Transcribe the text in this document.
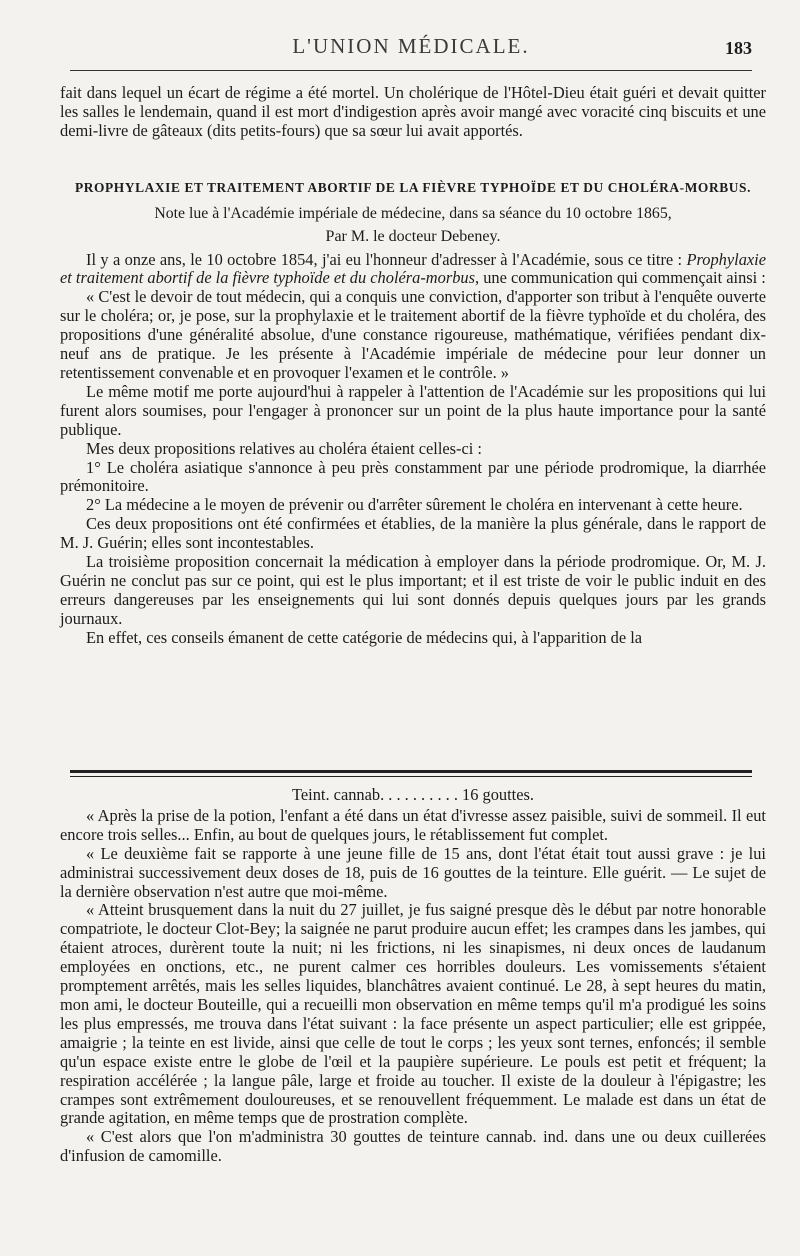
L'UNION MÉDICALE.	183

fait dans lequel un écart de régime a été mortel. Un cholérique de l'Hôtel-Dieu était guéri et devait quitter les salles le lendemain, quand il est mort d'indigestion après avoir mangé avec voracité cinq biscuits et une demi-livre de gâteaux (dits petits-fours) que sa sœur lui avait apportés.

PROPHYLAXIE ET TRAITEMENT ABORTIF DE LA FIÈVRE TYPHOÏDE ET DU CHOLÉRA-MORBUS.
Note lue à l'Académie impériale de médecine, dans sa séance du 10 octobre 1865,
Par M. le docteur Debeney.

Il y a onze ans, le 10 octobre 1854, j'ai eu l'honneur d'adresser à l'Académie, sous ce titre : Prophylaxie et traitement abortif de la fièvre typhoïde et du choléra-morbus, une communication qui commençait ainsi :

« C'est le devoir de tout médecin, qui a conquis une conviction, d'apporter son tribut à l'enquête ouverte sur le choléra; or, je pose, sur la prophylaxie et le traitement abortif de la fièvre typhoïde et du choléra, des propositions d'une généralité absolue, d'une constance rigoureuse, mathématique, vérifiées pendant dix-neuf ans de pratique. Je les présente à l'Académie impériale de médecine pour leur donner un retentissement convenable et en provoquer l'examen et le contrôle. »

Le même motif me porte aujourd'hui à rappeler à l'attention de l'Académie sur les propositions qui lui furent alors soumises, pour l'engager à prononcer sur un point de la plus haute importance pour la santé publique.

Mes deux propositions relatives au choléra étaient celles-ci :

1° Le choléra asiatique s'annonce à peu près constamment par une période prodromique, la diarrhée prémonitoire.

2° La médecine a le moyen de prévenir ou d'arrêter sûrement le choléra en intervenant à cette heure.

Ces deux propositions ont été confirmées et établies, de la manière la plus générale, dans le rapport de M. J. Guérin; elles sont incontestables.

La troisième proposition concernait la médication à employer dans la période prodromique. Or, M. J. Guérin ne conclut pas sur ce point, qui est le plus important; et il est triste de voir le public induit en des erreurs dangereuses par les enseignements qui lui sont donnés depuis quelques jours par les grands journaux.

En effet, ces conseils émanent de cette catégorie de médecins qui, à l'apparition de la

Teint. cannab. . . . . . . . . . 16 gouttes.

« Après la prise de la potion, l'enfant a été dans un état d'ivresse assez paisible, suivi de sommeil. Il eut encore trois selles... Enfin, au bout de quelques jours, le rétablissement fut complet.

« Le deuxième fait se rapporte à une jeune fille de 15 ans, dont l'état était tout aussi grave : je lui administrai successivement deux doses de 18, puis de 16 gouttes de la teinture. Elle guérit. — Le sujet de la dernière observation n'est autre que moi-même.

« Atteint brusquement dans la nuit du 27 juillet, je fus saigné presque dès le début par notre honorable compatriote, le docteur Clot-Bey; la saignée ne parut produire aucun effet; les crampes dans les jambes, qui étaient atroces, durèrent toute la nuit; ni les frictions, ni les sinapismes, ni deux onces de laudanum employées en onctions, etc., ne purent calmer ces horribles douleurs. Les vomissements s'étaient promptement arrêtés, mais les selles liquides, blanchâtres avaient continué. Le 28, à sept heures du matin, mon ami, le docteur Bouteille, qui a recueilli mon observation en même temps qu'il m'a prodigué les soins les plus empressés, me trouva dans l'état suivant : la face présente un aspect particulier; elle est grippée, amaigrie ; la teinte en est livide, ainsi que celle de tout le corps ; les yeux sont ternes, enfoncés; il semble qu'un espace existe entre le globe de l'œil et la paupière supérieure. Le pouls est petit et fréquent; la respiration accélérée ; la langue pâle, large et froide au toucher. Il existe de la douleur à l'épigastre; les crampes sont extrêmement douloureuses, et se renouvellent fréquemment. Le malade est dans un état de grande agitation, en même temps que de prostration complète.

« C'est alors que l'on m'administra 30 gouttes de teinture cannab. ind. dans une ou deux cuillerées d'infusion de camomille.
